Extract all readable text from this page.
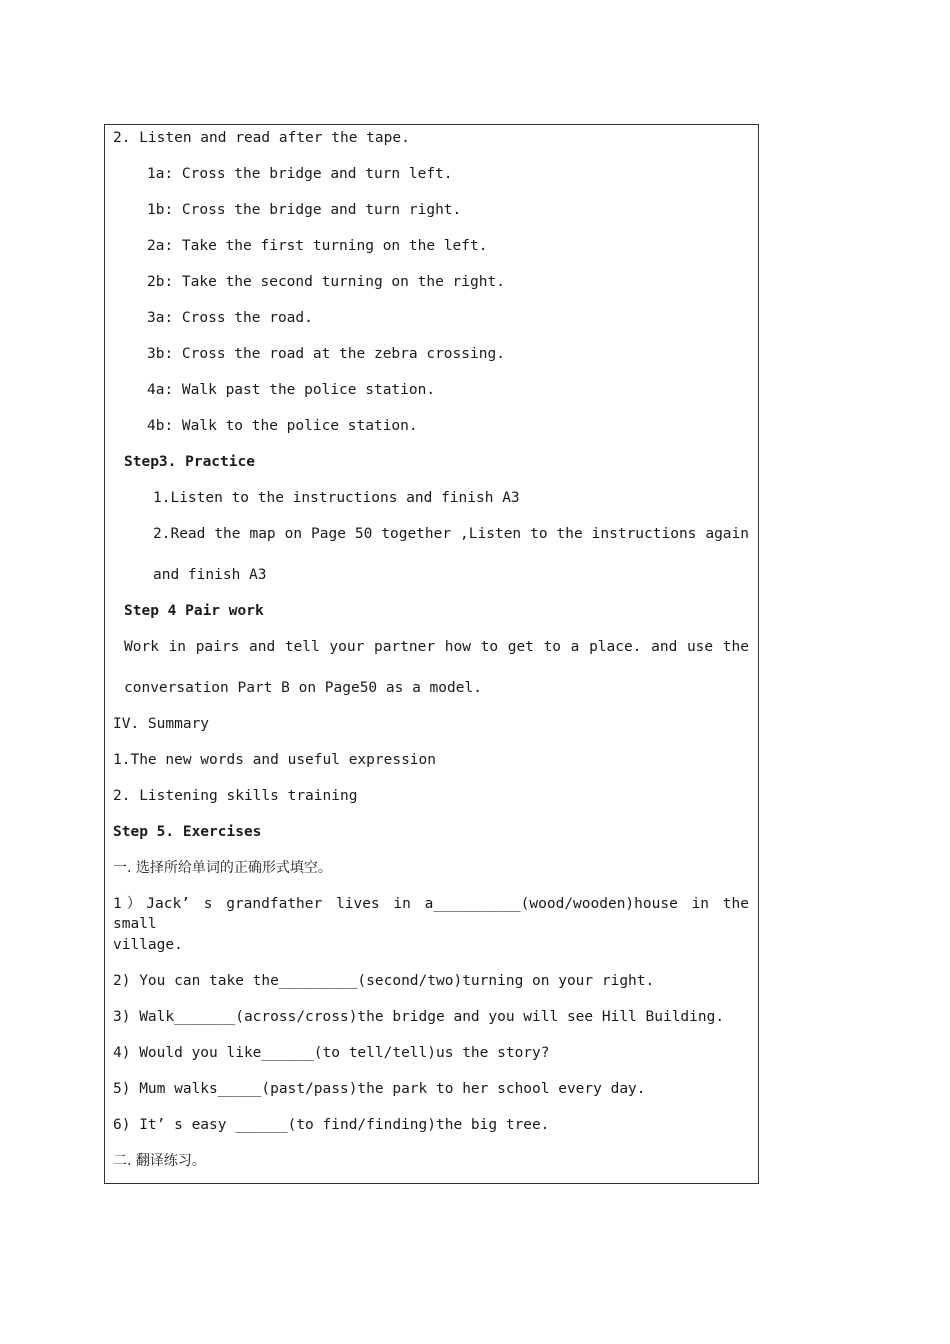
2. Listen and read after the tape.
1a: Cross the bridge and turn left.
1b: Cross the bridge and turn right.
2a: Take the first turning on the left.
2b: Take the second turning on the right.
3a: Cross the road.
3b: Cross the road at the zebra crossing.
4a: Walk past the police station.
4b: Walk to the police station.
Step3. Practice
1.Listen to the instructions and finish A3
2.Read the map on Page 50 together ,Listen to the instructions again
and finish A3
Step 4 Pair work
Work in pairs and tell your partner how to get to a place. and use the
conversation Part B on Page50 as a model.
IV. Summary
1.The new words and useful expression
2. Listening skills training
Step 5. Exercises
一. 选择所给单词的正确形式填空。
1）Jack’ s grandfather lives in a__________(wood/wooden)house in the small
village.
2) You can take the_________(second/two)turning on your right.
3) Walk_______(across/cross)the bridge and you will see Hill Building.
4) Would you like______(to tell/tell)us the story?
5) Mum walks_____(past/pass)the park to her school every day.
6) It’ s easy ______(to find/finding)the big tree.
二. 翻译练习。
